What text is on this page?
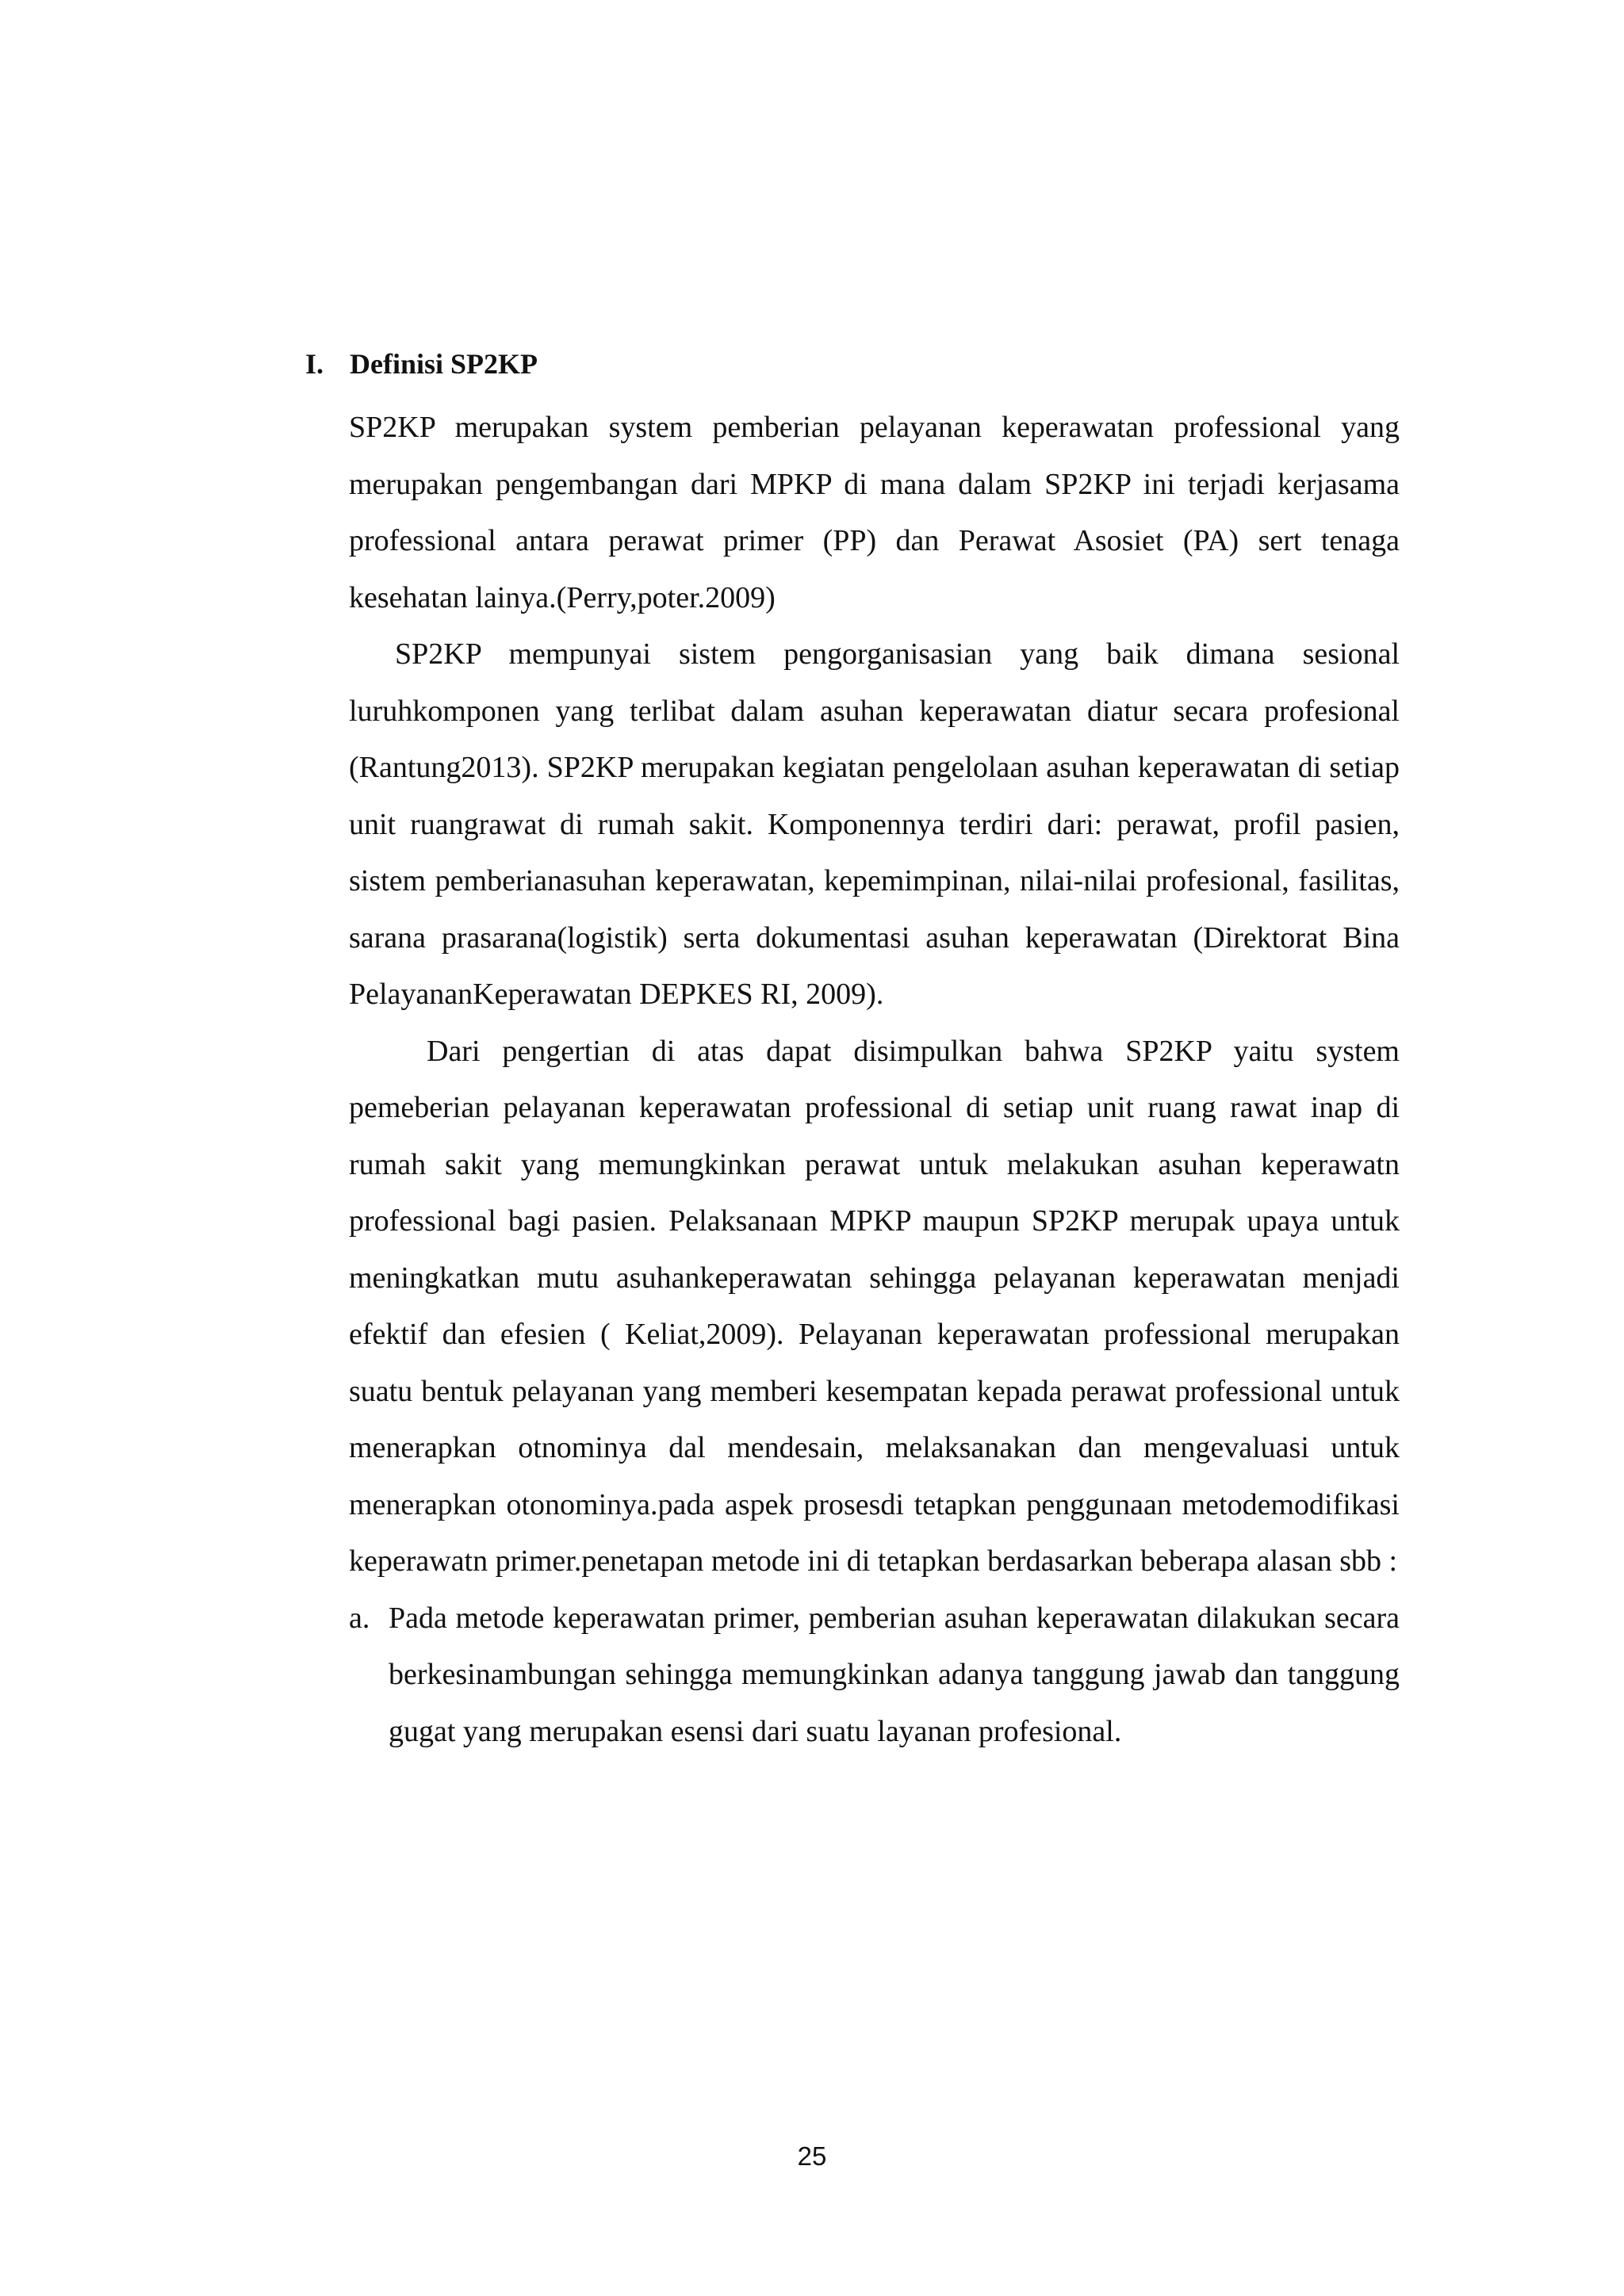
I. Definisi SP2KP

SP2KP merupakan system pemberian pelayanan keperawatan professional yang merupakan pengembangan dari MPKP di mana dalam SP2KP ini terjadi kerjasama professional antara perawat primer (PP) dan Perawat Asosiet (PA) sert tenaga kesehatan lainya.(Perry,poter.2009)

SP2KP mempunyai sistem pengorganisasian yang baik dimana sesional luruhkomponen yang terlibat dalam asuhan keperawatan diatur secara profesional (Rantung2013). SP2KP merupakan kegiatan pengelolaan asuhan keperawatan di setiap unit ruangrawat di rumah sakit. Komponennya terdiri dari: perawat, profil pasien, sistem pemberianasuhan keperawatan, kepemimpinan, nilai-nilai profesional, fasilitas, sarana prasarana(logistik) serta dokumentasi asuhan keperawatan (Direktorat Bina PelayananKeperawatan DEPKES RI, 2009).

Dari pengertian di atas dapat disimpulkan bahwa SP2KP yaitu system pemeberian pelayanan keperawatan professional di setiap unit ruang rawat inap di rumah sakit yang memungkinkan perawat untuk melakukan asuhan keperawatn professional bagi pasien. Pelaksanaan MPKP maupun SP2KP merupak upaya untuk meningkatkan mutu asuhankeperawatan sehingga pelayanan keperawatan menjadi efektif dan efesien ( Keliat,2009). Pelayanan keperawatan professional merupakan suatu bentuk pelayanan yang memberi kesempatan kepada perawat professional untuk menerapkan otnominya dal mendesain, melaksanakan dan mengevaluasi untuk menerapkan otonominya.pada aspek prosesdi tetapkan penggunaan metodemodifikasi keperawatn primer.penetapan metode ini di tetapkan berdasarkan beberapa alasan sbb :

a. Pada metode keperawatan primer, pemberian asuhan keperawatan dilakukan secara berkesinambungan sehingga memungkinkan adanya tanggung jawab dan tanggung gugat yang merupakan esensi dari suatu layanan profesional.
25
